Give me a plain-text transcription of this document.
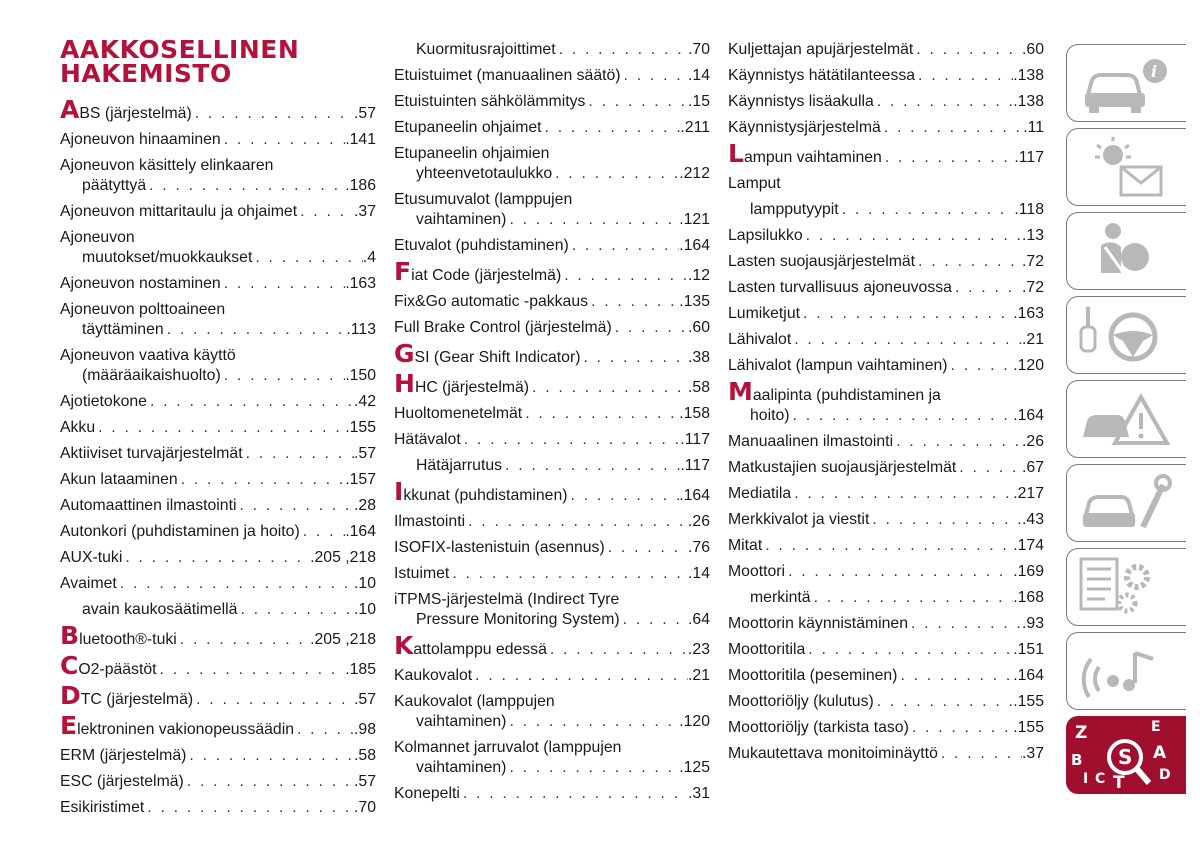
AAKKOSELLINEN
HAKEMISTO
ABS (järjestelmä) . . .	.57
Ajoneuvon hinaaminen . . .	.141
Ajoneuvon käsittely elinkaaren
päätyttyä . . .	.186
Ajoneuvon mittaritaulu ja ohjaimet . . .	.37
Ajoneuvon
muutokset/muokkaukset . . .	.4
Ajoneuvon nostaminen . . .	.163
Ajoneuvon polttoaineen
täyttäminen . . .	.113
Ajoneuvon vaativa käyttö
(määräaikaishuolto) . . .	.150
Ajotietokone . . .	.42
Akku . . .	.155
Aktiiviset turvajärjestelmät . . .	.57
Akun lataaminen . . .	.157
Automaattinen ilmastointi . . .	.28
Autonkori (puhdistaminen ja hoito) . . .	.164
AUX-tuki . . .	.205 ,218
Avaimet . . .	.10
avain kaukosäätimellä . . .	.10
Bluetooth®-tuki . . .	.205 ,218
CO2-päästöt . . .	.185
DTC (järjestelmä) . . .	.57
Elektroninen vakionopeussäädin . . .	.98
ERM (järjestelmä) . . .	.58
ESC (järjestelmä) . . .	.57
Esikiristimet . . .	.70
Kuormitusrajoittimet . . .	.70
Etuistuimet (manuaalinen säätö) . . .	.14
Etuistuinten sähkölämmitys . . .	.15
Etupaneelin ohjaimet . . .	.211
Etupaneelin ohjaimien
yhteenvetotaulukko . . .	.212
Etusumuvalot (lamppujen
vaihtaminen) . . .	.121
Etuvalot (puhdistaminen) . . .	.164
Fiat Code (järjestelmä) . . .	.12
Fix&Go automatic -pakkaus . . .	.135
Full Brake Control (järjestelmä) . . .	.60
GSI (Gear Shift Indicator) . . .	.38
HHC (järjestelmä) . . .	.58
Huoltomenetelmät . . .	.158
Hätävalot . . .	.117
Hätäjarrutus . . .	.117
Ikkunat (puhdistaminen) . . .	.164
Ilmastointi . . .	.26
ISOFIX-lastenistuin (asennus) . . .	.76
Istuimet . . .	.14
iTPMS-järjestelmä (Indirect Tyre
Pressure Monitoring System) . . .	.64
Kattolamppu edessä . . .	.23
Kaukovalot . . .	.21
Kaukovalot (lamppujen
vaihtaminen) . . .	.120
Kolmannet jarruvalot (lamppujen
vaihtaminen) . . .	.125
Konepelti . . .	.31
Kuljettajan apujärjestelmät . . .	.60
Käynnistys hätätilanteessa . . .	.138
Käynnistys lisäakulla . . .	.138
Käynnistysjärjestelmä . . .	.11
Lampun vaihtaminen . . .	.117
Lamput
lampputyypit . . .	.118
Lapsilukko . . .	.13
Lasten suojausjärjestelmät . . .	.72
Lasten turvallisuus ajoneuvossa . . .	.72
Lumiketjut . . .	.163
Lähivalot . . .	.21
Lähivalot (lampun vaihtaminen) . . .	.120
Maalipinta (puhdistaminen ja
hoito) . . .	.164
Manuaalinen ilmastointi . . .	.26
Matkustajien suojausjärjestelmät . . .	.67
Mediatila . . .	.217
Merkkivalot ja viestit . . .	.43
Mitat . . .	.174
Moottori . . .	.169
merkintä . . .	.168
Moottorin käynnistäminen . . .	.93
Moottoritila . . .	.151
Moottoritila (peseminen) . . .	.164
Moottoriöljy (kulutus) . . .	.155
Moottoriöljy (tarkista taso) . . .	.155
Mukautettava monitoiminäyttö . . .	.37
i
S
Z	E
B	A
I C T D
